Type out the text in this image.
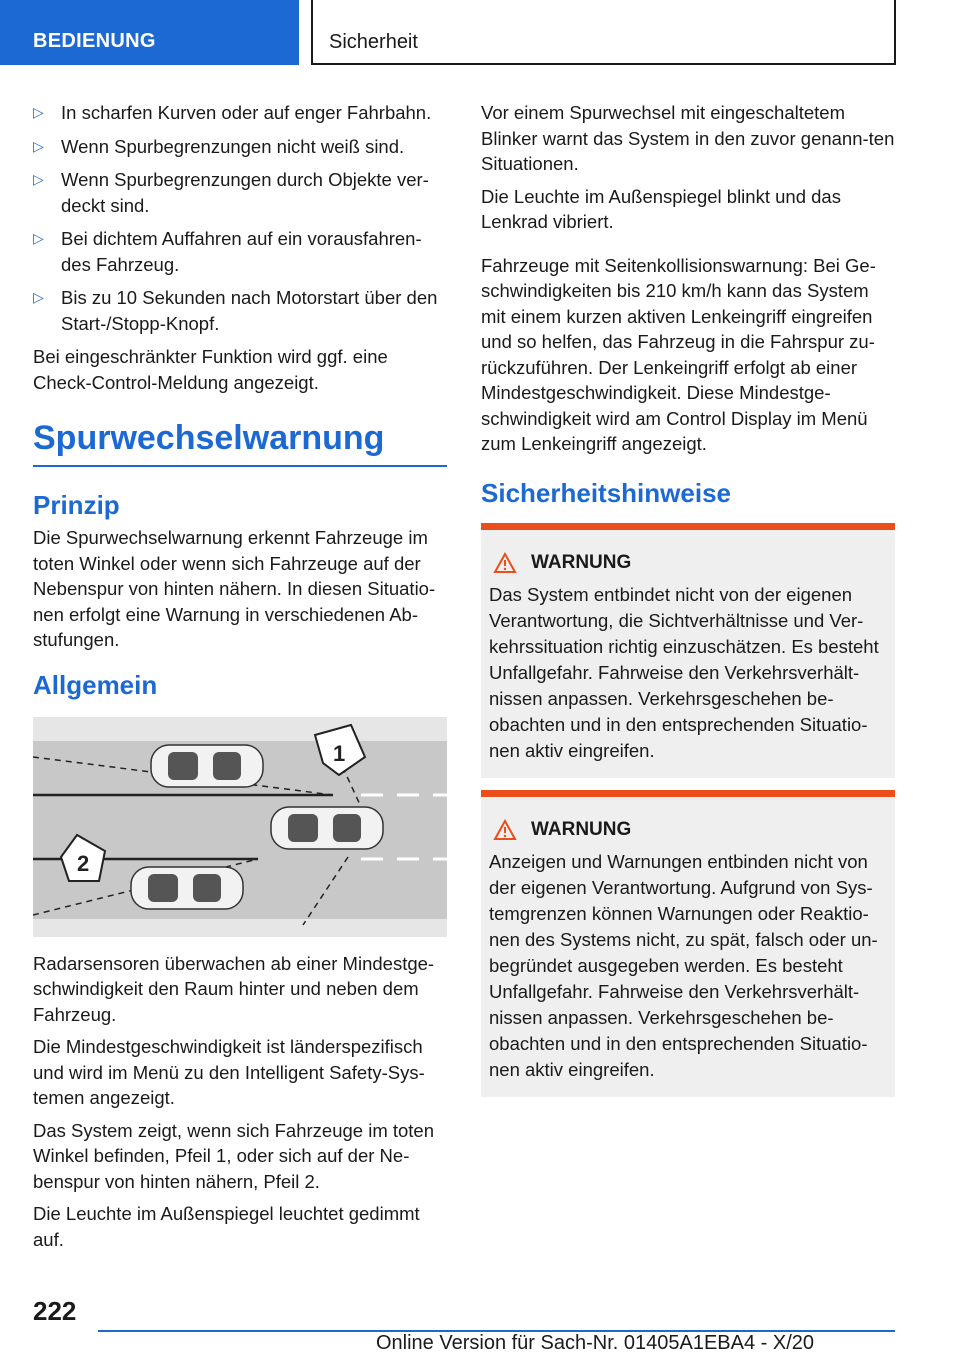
BEDIENUNG	Sicherheit
▷ In scharfen Kurven oder auf enger Fahrbahn.
▷ Wenn Spurbegrenzungen nicht weiß sind.
▷ Wenn Spurbegrenzungen durch Objekte ver-deckt sind.
▷ Bei dichtem Auffahren auf ein vorausfahren-des Fahrzeug.
▷ Bis zu 10 Sekunden nach Motorstart über den Start-/Stopp-Knopf.

Bei eingeschränkter Funktion wird ggf. eine Check-Control-Meldung angezeigt.

Spurwechselwarnung
Prinzip

Die Spurwechselwarnung erkennt Fahrzeuge im toten Winkel oder wenn sich Fahrzeuge auf der Nebenspur von hinten nähern. In diesen Situatio-nen erfolgt eine Warnung in verschiedenen Ab-stufungen.

Allgemein
1
2

Radarsensoren überwachen ab einer Mindestge-schwindigkeit den Raum hinter und neben dem Fahrzeug.

Die Mindestgeschwindigkeit ist länderspezifisch und wird im Menü zu den Intelligent Safety-Sys-temen angezeigt.

Das System zeigt, wenn sich Fahrzeuge im toten Winkel befinden, Pfeil 1, oder sich auf der Ne-benspur von hinten nähern, Pfeil 2.

Die Leuchte im Außenspiegel leuchtet gedimmt auf.

Vor einem Spurwechsel mit eingeschaltetem Blinker warnt das System in den zuvor genann-ten Situationen.

Die Leuchte im Außenspiegel blinkt und das Lenkrad vibriert.

Fahrzeuge mit Seitenkollisionswarnung: Bei Ge-schwindigkeiten bis 210 km/h kann das System mit einem kurzen aktiven Lenkeingriff eingreifen und so helfen, das Fahrzeug in die Fahrspur zu-rückzuführen. Der Lenkeingriff erfolgt ab einer Mindestgeschwindigkeit. Diese Mindestge-schwindigkeit wird am Control Display im Menü zum Lenkeingriff angezeigt.

Sicherheitshinweise
WARNUNG

Das System entbindet nicht von der eigenen Verantwortung, die Sichtverhältnisse und Ver-kehrssituation richtig einzuschätzen. Es besteht Unfallgefahr. Fahrweise den Verkehrsverhält-nissen anpassen. Verkehrsgeschehen be-obachten und in den entsprechenden Situatio-nen aktiv eingreifen.

WARNUNG

Anzeigen und Warnungen entbinden nicht von der eigenen Verantwortung. Aufgrund von Sys-temgrenzen können Warnungen oder Reaktio-nen des Systems nicht, zu spät, falsch oder un-begründet ausgegeben werden. Es besteht Unfallgefahr. Fahrweise den Verkehrsverhält-nissen anpassen. Verkehrsgeschehen be-obachten und in den entsprechenden Situatio-nen aktiv eingreifen.

222
Online Version für Sach-Nr. 01405A1EBA4 - X/20
